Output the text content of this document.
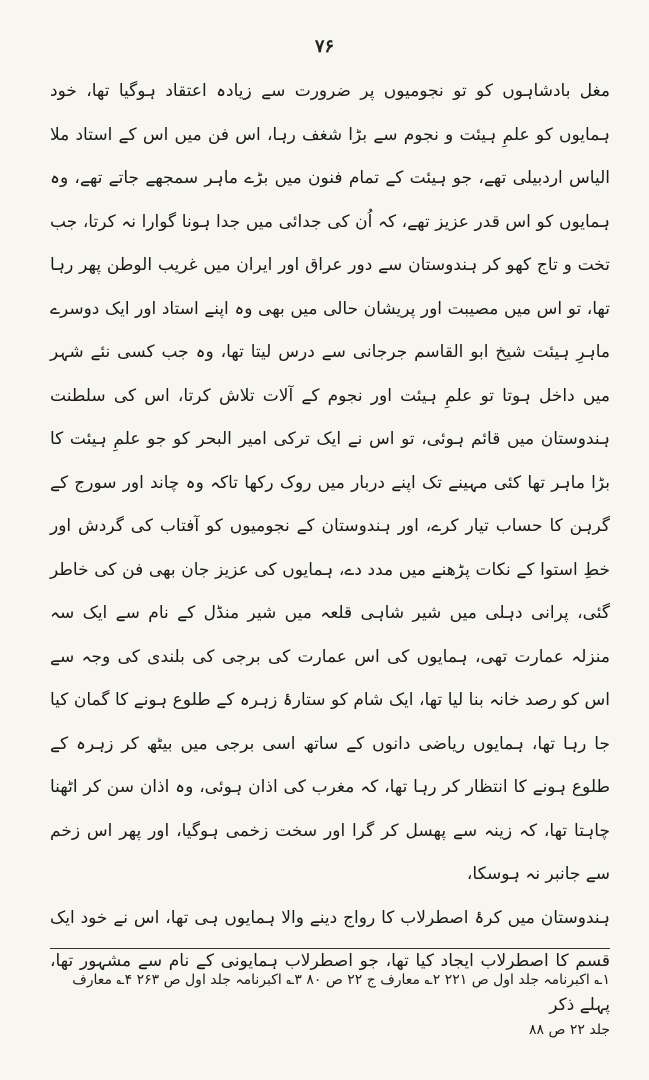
۷۶

مغل بادشاہوں کو تو نجومیوں پر ضرورت سے زیادہ اعتقاد ہوگیا تھا، خود ہمایوں کو علمِ ہیئت و نجوم سے بڑا شغف رہا، اس فن میں اس کے استاد ملا الیاس اردبیلی تھے، جو ہیئت کے تمام فنون میں بڑے ماہر سمجھے جاتے تھے، وہ ہمایوں کو اس قدر عزیز تھے، کہ اُن کی جدائی میں جدا ہونا گوارا نہ کرتا، جب تخت و تاج کھو کر ہندوستان سے دور عراق اور ایران میں غریب الوطن پھر رہا تھا، تو اس میں مصیبت اور پریشان حالی میں بھی وہ اپنے استاد اور ایک دوسرے ماہرِ ہیئت شیخ ابو القاسم جرجانی سے درس لیتا تھا، وہ جب کسی نئے شہر میں داخل ہوتا تو علمِ ہیئت اور نجوم کے آلات تلاش کرتا، اس کی سلطنت ہندوستان میں قائم ہوئی، تو اس نے ایک ترکی امیر البحر کو جو علمِ ہیئت کا بڑا ماہر تھا کئی مہینے تک اپنے دربار میں روک رکھا تاکہ وہ چاند اور سورج کے گرہن کا حساب تیار کرے، اور ہندوستان کے نجومیوں کو آفتاب کی گردش اور خطِ استوا کے نکات پڑھنے میں مدد دے، ہمایوں کی عزیز جان بھی فن کی خاطر گئی، پرانی دہلی میں شیر شاہی قلعہ میں شیر منڈل کے نام سے ایک سہ منزلہ عمارت تھی، ہمایوں کی اس عمارت کی برجی کی بلندی کی وجہ سے اس کو رصد خانہ بنا لیا تھا، ایک شام کو ستارۂ زہرہ کے طلوع ہونے کا گمان کیا جا رہا تھا، ہمایوں ریاضی دانوں کے ساتھ اسی برجی میں بیٹھ کر زہرہ کے طلوع ہونے کا انتظار کر رہا تھا، کہ مغرب کی اذان ہوئی، وہ اذان سن کر اٹھنا چاہتا تھا، کہ زینہ سے پھسل کر گرا اور سخت زخمی ہوگیا، اور پھر اس زخم سے جانبر نہ ہوسکا،

ہندوستان میں کرۂ اصطرلاب کا رواج دینے والا ہمایوں ہی تھا، اس نے خود ایک قسم کا اصطرلاب ایجاد کیا تھا، جو اصطرلاب ہمایونی کے نام سے مشہور تھا، پہلے ذکر

۱؎ اکبرنامہ جلد اول ص ۲۲۱ ۲؎ معارف ج ۲۲ ص ۸۰ ۳؎ اکبرنامہ جلد اول ص ۲۶۳ ۴؎ معارف

جلد ۲۲ ص ۸۸
